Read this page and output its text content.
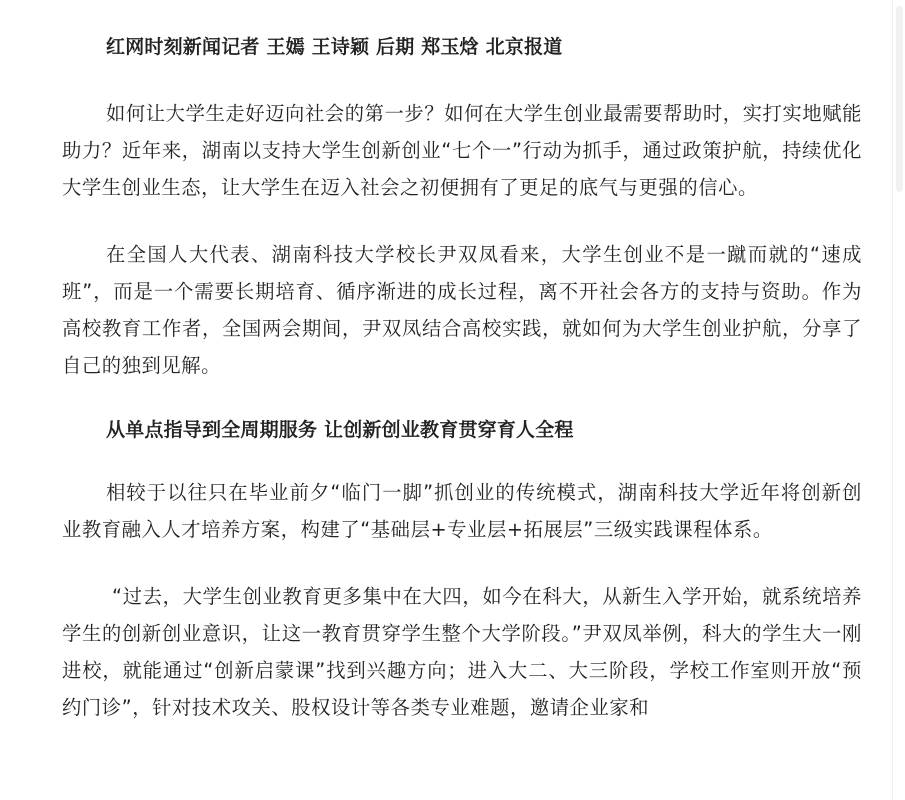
红网时刻新闻记者 王嫣 王诗颖 后期 郑玉焓 北京报道

如何让大学生走好迈向社会的第一步？如何在大学生创业最需要帮助时，实打实地赋能助力？近年来，湖南以支持大学生创新创业“七个一”行动为抓手，通过政策护航，持续优化大学生创业生态，让大学生在迈入社会之初便拥有了更足的底气与更强的信心。

在全国人大代表、湖南科技大学校长尹双凤看来，大学生创业不是一蹴而就的“速成班”，而是一个需要长期培育、循序渐进的成长过程，离不开社会各方的支持与资助。作为高校教育工作者，全国两会期间，尹双凤结合高校实践，就如何为大学生创业护航，分享了自己的独到见解。

从单点指导到全周期服务 让创新创业教育贯穿育人全程

相较于以往只在毕业前夕“临门一脚”抓创业的传统模式，湖南科技大学近年将创新创业教育融入人才培养方案，构建了“基础层+专业层+拓展层”三级实践课程体系。

“过去，大学生创业教育更多集中在大四，如今在科大，从新生入学开始，就系统培养学生的创新创业意识，让这一教育贯穿学生整个大学阶段。”尹双凤举例，科大的学生大一刚进校，就能通过“创新启蒙课”找到兴趣方向；进入大二、大三阶段，学校工作室则开放“预约门诊”，针对技术攻关、股权设计等各类专业难题，邀请企业家和
